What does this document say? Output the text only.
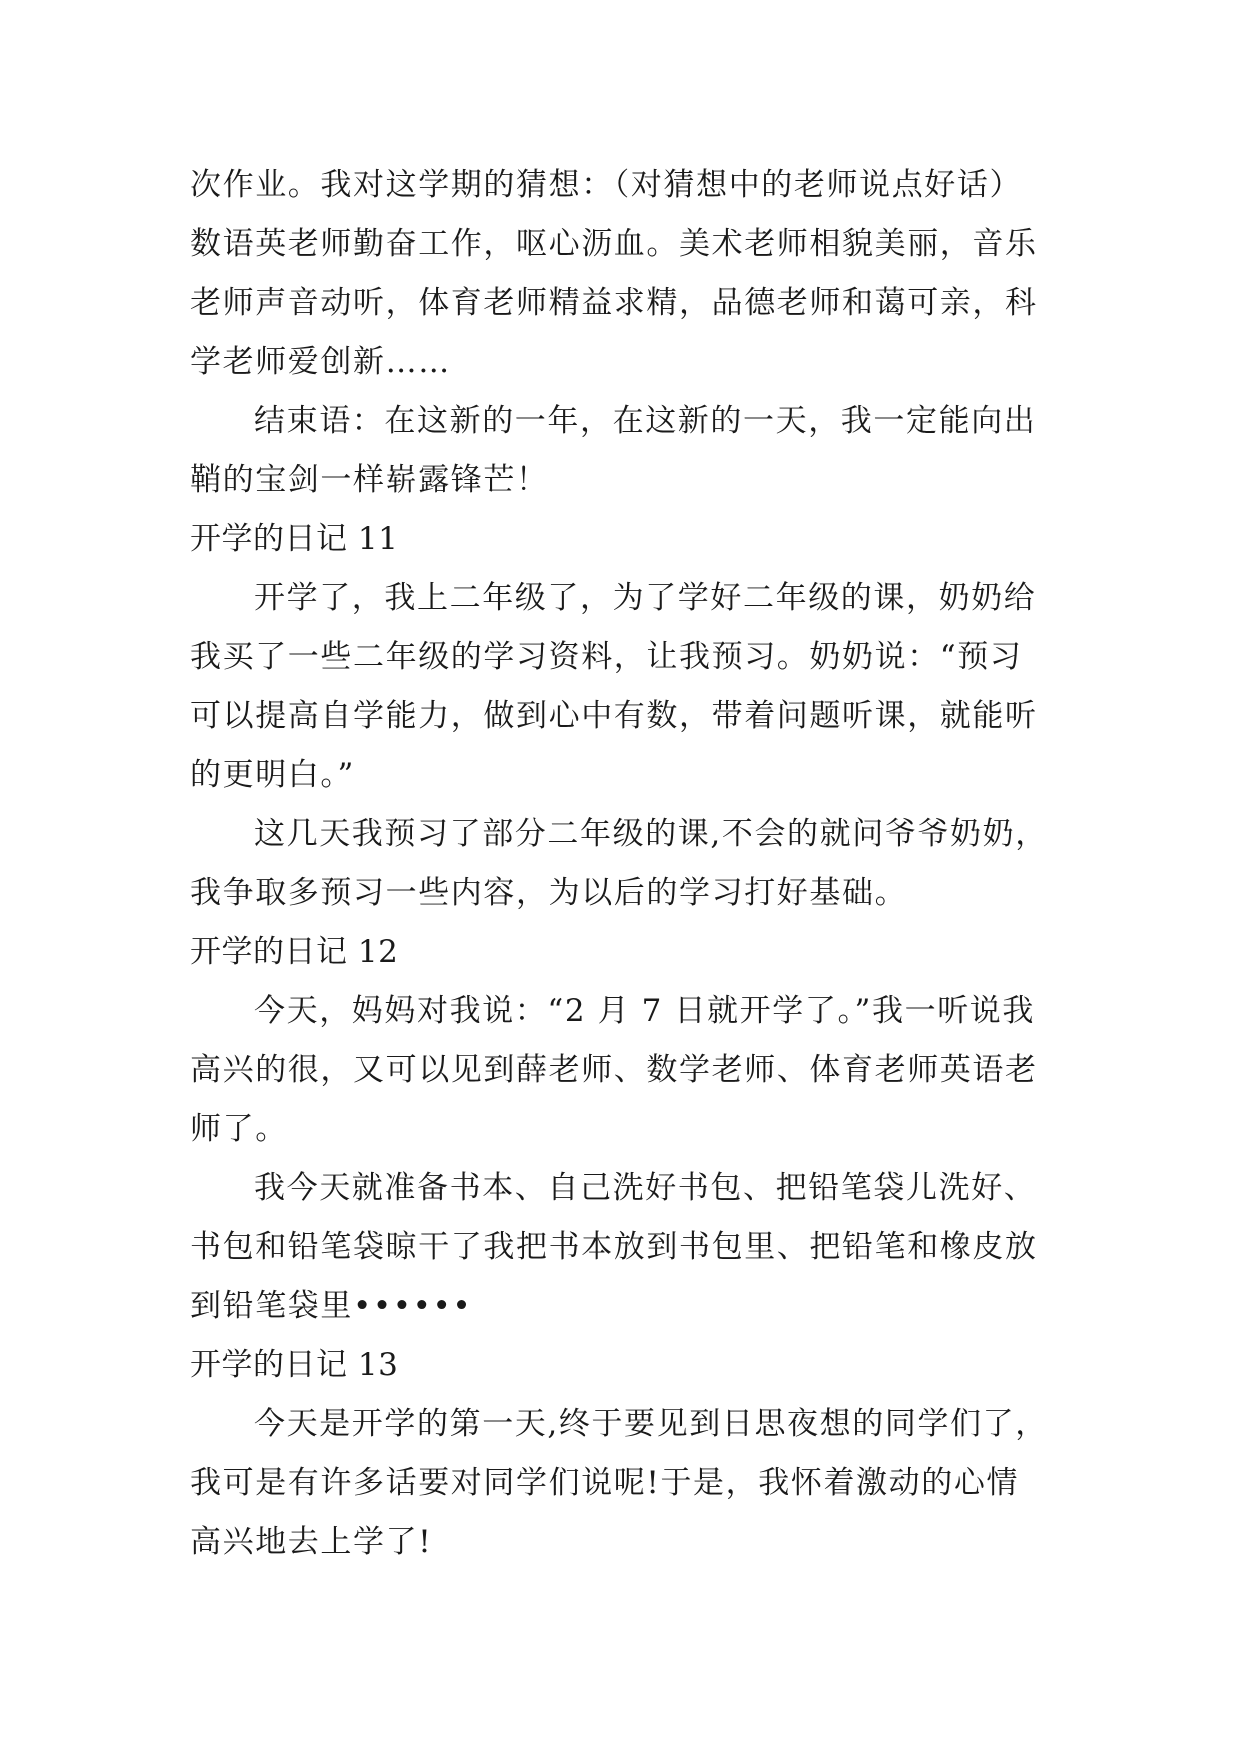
次作业。我对这学期的猜想：（对猜想中的老师说点好话）
数语英老师勤奋工作，呕心沥血。美术老师相貌美丽，音乐
老师声音动听，体育老师精益求精，品德老师和蔼可亲，科
学老师爱创新……
结束语：在这新的一年，在这新的一天，我一定能向出
鞘的宝剑一样崭露锋芒！
开学的日记 11
开学了，我上二年级了，为了学好二年级的课，奶奶给
我买了一些二年级的学习资料，让我预习。奶奶说：“预习
可以提高自学能力，做到心中有数，带着问题听课，就能听
的更明白。”
这几天我预习了部分二年级的课,不会的就问爷爷奶奶，
我争取多预习一些内容，为以后的学习打好基础。
开学的日记 12
今天，妈妈对我说：“2 月 7 日就开学了。”我一听说我
高兴的很，又可以见到薛老师、数学老师、体育老师英语老
师了。
我今天就准备书本、自己洗好书包、把铅笔袋儿洗好、
书包和铅笔袋晾干了我把书本放到书包里、把铅笔和橡皮放
到铅笔袋里••••••
开学的日记 13
今天是开学的第一天,终于要见到日思夜想的同学们了，
我可是有许多话要对同学们说呢!于是，我怀着激动的心情
高兴地去上学了!
